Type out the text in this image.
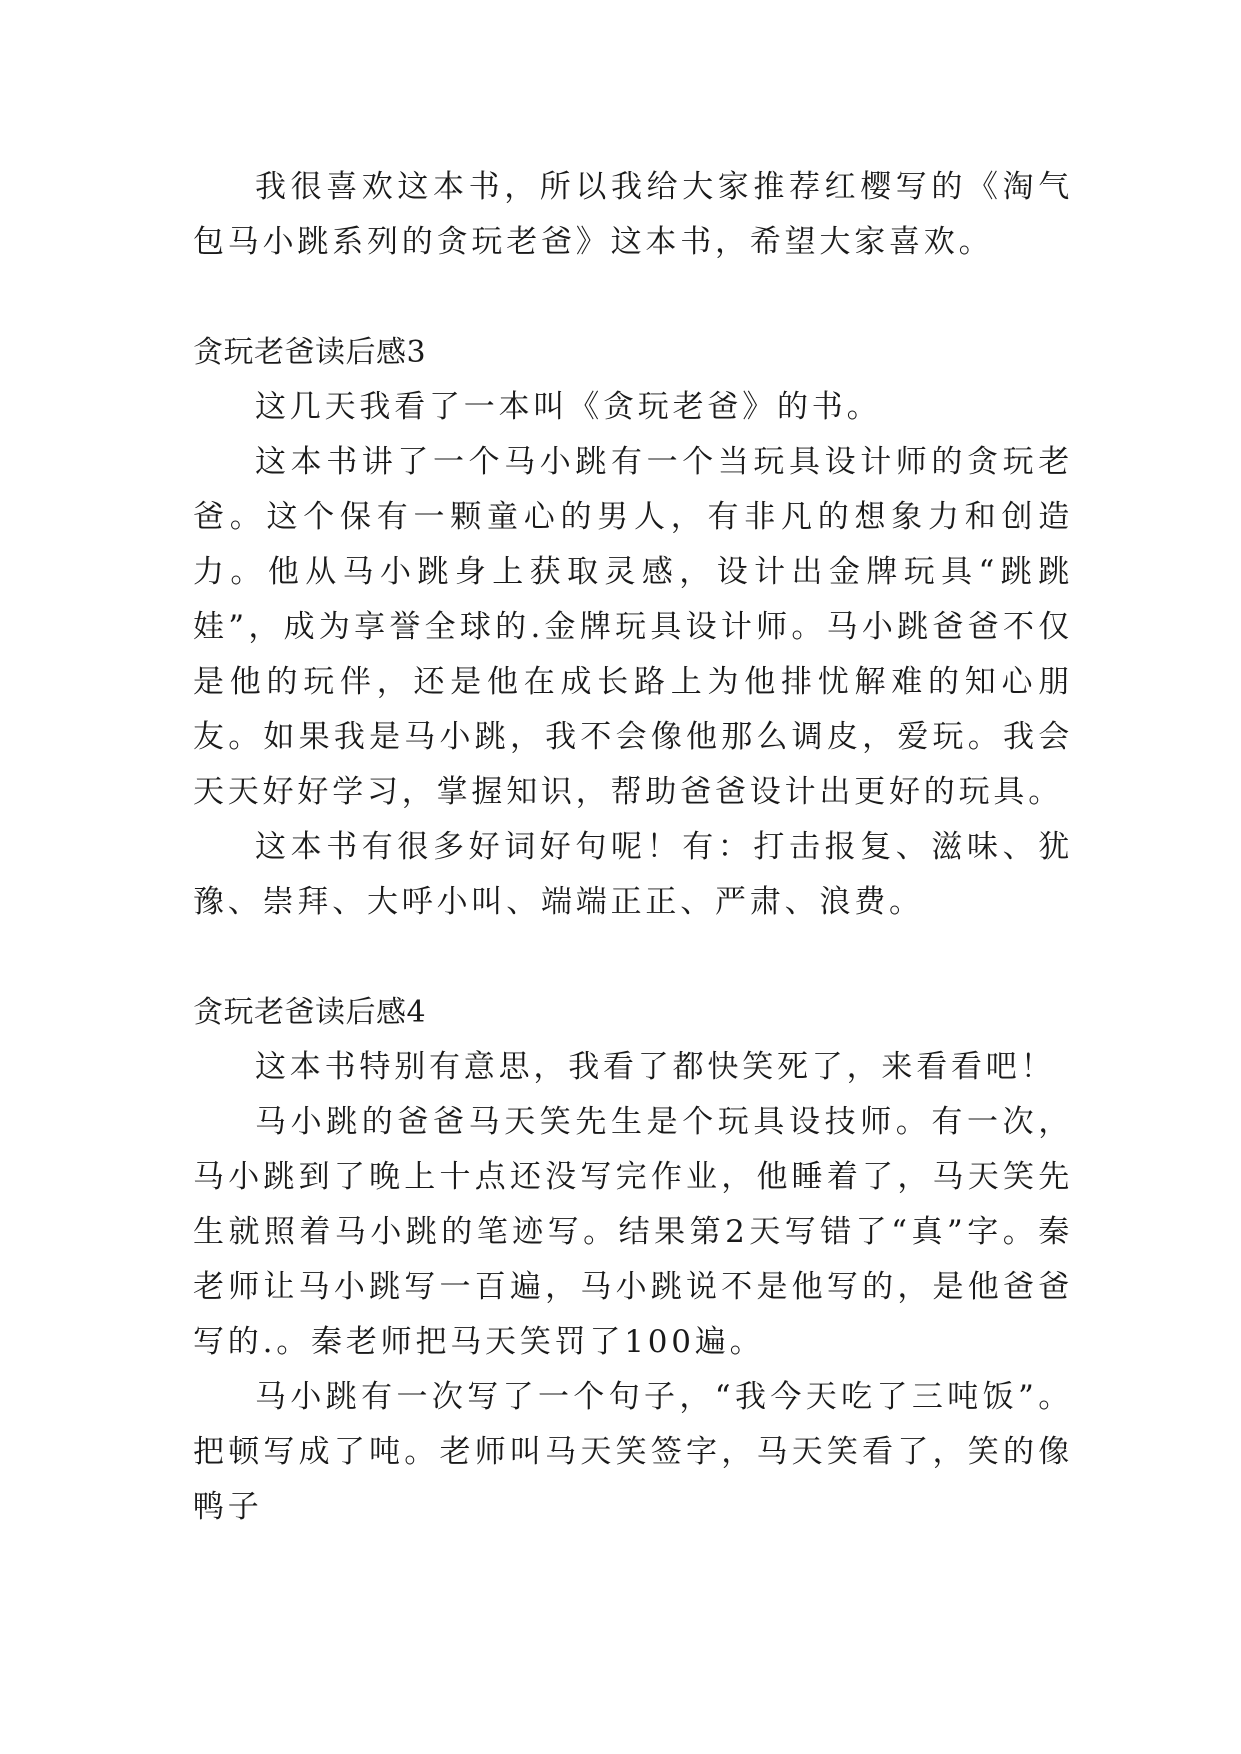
我很喜欢这本书，所以我给大家推荐红樱写的《淘气包马小跳系列的贪玩老爸》这本书，希望大家喜欢。

贪玩老爸读后感3

这几天我看了一本叫《贪玩老爸》的书。

这本书讲了一个马小跳有一个当玩具设计师的贪玩老爸。这个保有一颗童心的男人，有非凡的想象力和创造力。他从马小跳身上获取灵感，设计出金牌玩具“跳跳娃”，成为享誉全球的.金牌玩具设计师。马小跳爸爸不仅是他的玩伴，还是他在成长路上为他排忧解难的知心朋友。如果我是马小跳，我不会像他那么调皮，爱玩。我会天天好好学习，掌握知识，帮助爸爸设计出更好的玩具。

这本书有很多好词好句呢！有：打击报复、滋味、犹豫、崇拜、大呼小叫、端端正正、严肃、浪费。

贪玩老爸读后感4

这本书特别有意思，我看了都快笑死了，来看看吧！

马小跳的爸爸马天笑先生是个玩具设技师。有一次，马小跳到了晚上十点还没写完作业，他睡着了，马天笑先生就照着马小跳的笔迹写。结果第2天写错了“真”字。秦老师让马小跳写一百遍，马小跳说不是他写的，是他爸爸写的.。秦老师把马天笑罚了100遍。

马小跳有一次写了一个句子，“我今天吃了三吨饭”。把顿写成了吨。老师叫马天笑签字，马天笑看了，笑的像鸭子
